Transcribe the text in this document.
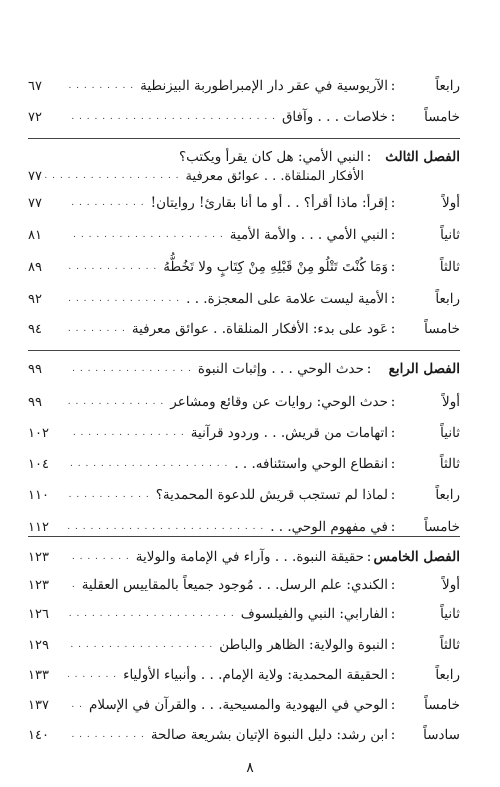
رابعاً
:
الآريوسية في عقر دار الإمبراطوربة البيزنطية
. . .
٦٧
خامساً
:
خلاصات . . . وآفاق
. . .
٧٢
الفصل الثالث
:
النبي الأمي: هل كان يقرأ ويكتب؟
الأفكار المنلقاة. . . عوائق معرفية
. . .
٧٧
أولاً
:
إقرأ: ماذا أقرأ؟ . . أو ما أنا بقارئ! روايتان!
. . .
٧٧
ثانياً
:
النبي الأمي . . . والأمة الأمية
. . .
٨١
ثالثاً
:
وَمَا كُنْتَ تَتْلُو مِنْ قَبْلِهِ مِنْ كِتَابٍ ولا تَخُطُّهُ
. . .
٨٩
رابعاً
:
الأمية ليست علامة على المعجزة. . .
. . .
٩٢
خامساً
:
عَود على بدء: الأفكار المنلقاة. . عوائق معرفية
. . .
٩٤
الفصل الرابع
:
حدث الوحي . . . وإثبات النبوة
. . .
٩٩
أولاً
:
حدث الوحي: روايات عن وقائع ومشاعر
. . .
٩٩
ثانياً
:
اتهامات من قريش. . . وردود قرآنية
. . .
١٠٢
ثالثاً
:
انقطاع الوحي واستئنافه. . .
. . .
١٠٤
رابعاً
:
لماذا لم تستجب قريش للدعوة المحمدية؟
. . .
١١٠
خامساً
:
في مفهوم الوحي. . .
. . .
١١٢
الفصل الخامس
:
حقيقة النبوة. . . وآراء في الإمامة والولاية
. . .
١٢٣
أولاً
:
الكندي: علم الرسل. . . مُوجود جميعاً بالمقاييس العقلية
. . .
١٢٣
ثانياً
:
الفارابي: النبي والفيلسوف
. . .
١٢٦
ثالثاً
:
النبوة والولاية: الظاهر والباطن
. . .
١٢٩
رابعاً
:
الحقيقة المحمدية: ولاية الإمام. . . وأنبياء الأولياء
. . .
١٣٣
خامساً
:
الوحي في اليهودية والمسيحية. . . والقرآن في الإسلام
. . .
١٣٧
سادساً
:
ابن رشد: دليل النبوة الإتيان بشريعة صالحة
. . .
١٤٠
٨
